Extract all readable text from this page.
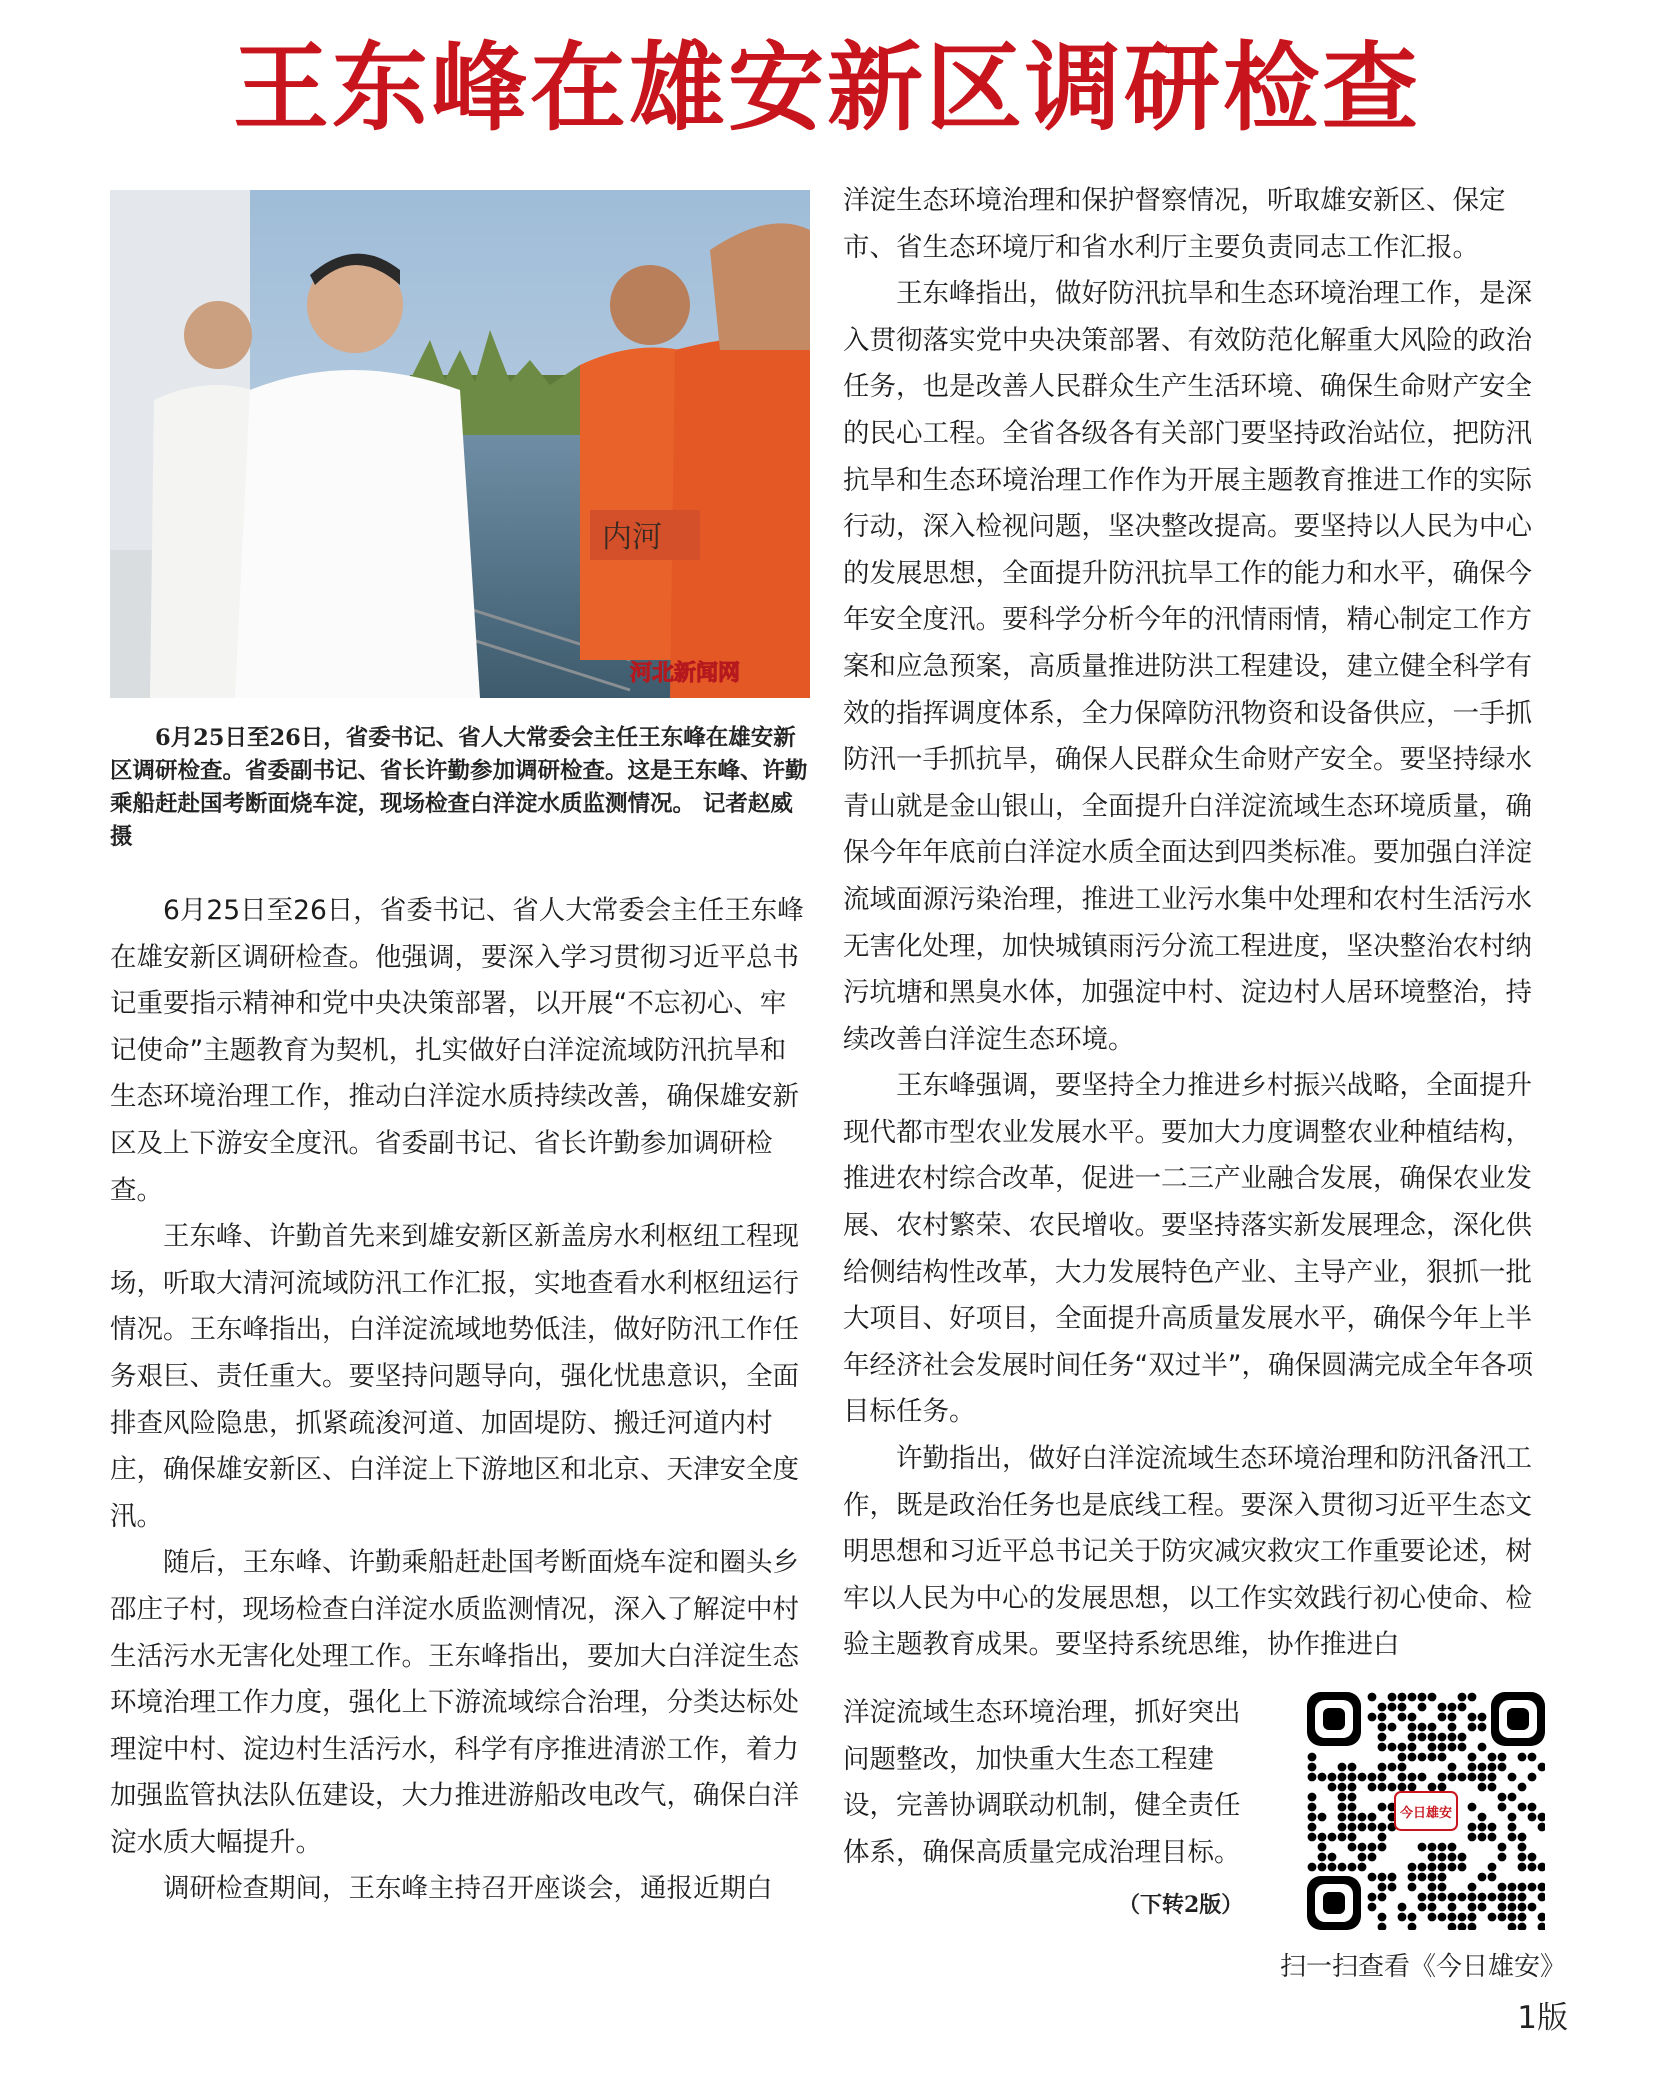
王东峰在雄安新区调研检查
内河
河北新闻网

6月25日至26日，省委书记、省人大常委会主任王东峰在雄安新区调研检查。省委副书记、省长许勤参加调研检查。这是王东峰、许勤乘船赶赴国考断面烧车淀，现场检查白洋淀水质监测情况。 记者赵威摄

6月25日至26日，省委书记、省人大常委会主任王东峰在雄安新区调研检查。他强调，要深入学习贯彻习近平总书记重要指示精神和党中央决策部署，以开展“不忘初心、牢记使命”主题教育为契机，扎实做好白洋淀流域防汛抗旱和生态环境治理工作，推动白洋淀水质持续改善，确保雄安新区及上下游安全度汛。省委副书记、省长许勤参加调研检查。

王东峰、许勤首先来到雄安新区新盖房水利枢纽工程现场，听取大清河流域防汛工作汇报，实地查看水利枢纽运行情况。王东峰指出，白洋淀流域地势低洼，做好防汛工作任务艰巨、责任重大。要坚持问题导向，强化忧患意识，全面排查风险隐患，抓紧疏浚河道、加固堤防、搬迁河道内村庄，确保雄安新区、白洋淀上下游地区和北京、天津安全度汛。

随后，王东峰、许勤乘船赶赴国考断面烧车淀和圈头乡邵庄子村，现场检查白洋淀水质监测情况，深入了解淀中村生活污水无害化处理工作。王东峰指出，要加大白洋淀生态环境治理工作力度，强化上下游流域综合治理，分类达标处理淀中村、淀边村生活污水，科学有序推进清淤工作，着力加强监管执法队伍建设，大力推进游船改电改气，确保白洋淀水质大幅提升。

调研检查期间，王东峰主持召开座谈会，通报近期白

洋淀生态环境治理和保护督察情况，听取雄安新区、保定市、省生态环境厅和省水利厅主要负责同志工作汇报。

王东峰指出，做好防汛抗旱和生态环境治理工作，是深入贯彻落实党中央决策部署、有效防范化解重大风险的政治任务，也是改善人民群众生产生活环境、确保生命财产安全的民心工程。全省各级各有关部门要坚持政治站位，把防汛抗旱和生态环境治理工作作为开展主题教育推进工作的实际行动，深入检视问题，坚决整改提高。要坚持以人民为中心的发展思想，全面提升防汛抗旱工作的能力和水平，确保今年安全度汛。要科学分析今年的汛情雨情，精心制定工作方案和应急预案，高质量推进防洪工程建设，建立健全科学有效的指挥调度体系，全力保障防汛物资和设备供应，一手抓防汛一手抓抗旱，确保人民群众生命财产安全。要坚持绿水青山就是金山银山，全面提升白洋淀流域生态环境质量，确保今年年底前白洋淀水质全面达到四类标准。要加强白洋淀流域面源污染治理，推进工业污水集中处理和农村生活污水无害化处理，加快城镇雨污分流工程进度，坚决整治农村纳污坑塘和黑臭水体，加强淀中村、淀边村人居环境整治，持续改善白洋淀生态环境。

王东峰强调，要坚持全力推进乡村振兴战略，全面提升现代都市型农业发展水平。要加大力度调整农业种植结构，推进农村综合改革，促进一二三产业融合发展，确保农业发展、农村繁荣、农民增收。要坚持落实新发展理念，深化供给侧结构性改革，大力发展特色产业、主导产业，狠抓一批大项目、好项目，全面提升高质量发展水平，确保今年上半年经济社会发展时间任务“双过半”，确保圆满完成全年各项目标任务。

许勤指出，做好白洋淀流域生态环境治理和防汛备汛工作，既是政治任务也是底线工程。要深入贯彻习近平生态文明思想和习近平总书记关于防灾减灾救灾工作重要论述，树牢以人民为中心的发展思想，以工作实效践行初心使命、检验主题教育成果。要坚持系统思维，协作推进白

洋淀流域生态环境治理，抓好突出问题整改，加快重大生态工程建设，完善协调联动机制，健全责任体系，确保高质量完成治理目标。

（下转2版）
今日雄安
扫一扫查看《今日雄安》
1版
